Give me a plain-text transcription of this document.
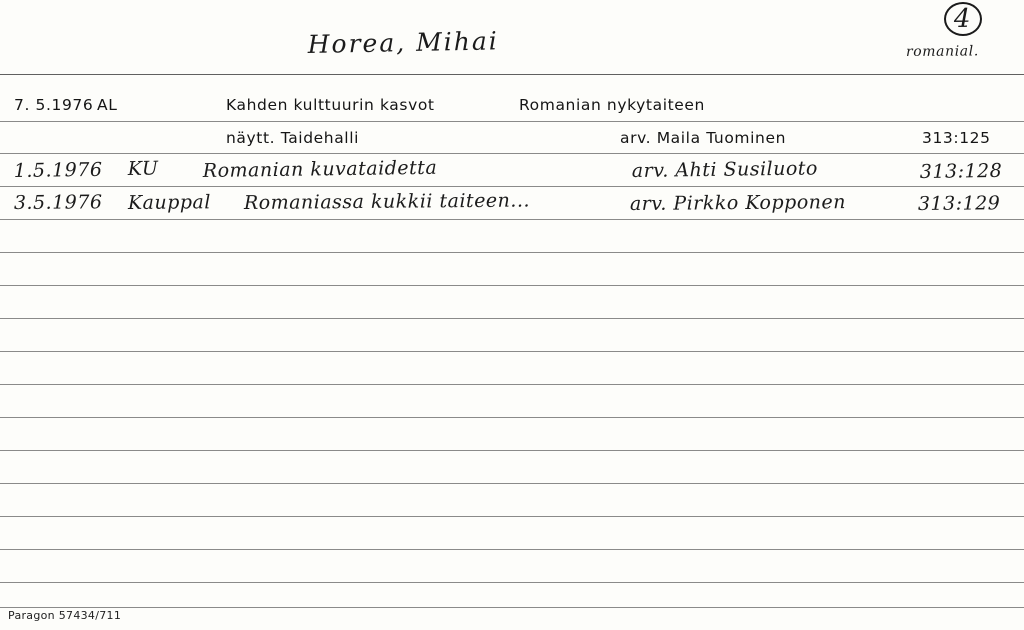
Horea, Mihai	romanial.
4
7. 5.1976 AL	Kahden kulttuurin kasvot	Romanian nykytaiteen
näytt. Taidehalli	arv. Maila Tuominen	313:125
1.5.1976 KU Romanian kuvataidetta	arv. Ahti Susiluoto	313:128
3.5.1976 Kauppal Romaniassa kukkii taiteen...	arv. Pirkko Kopponen	313:129
Paragon 57434/711
